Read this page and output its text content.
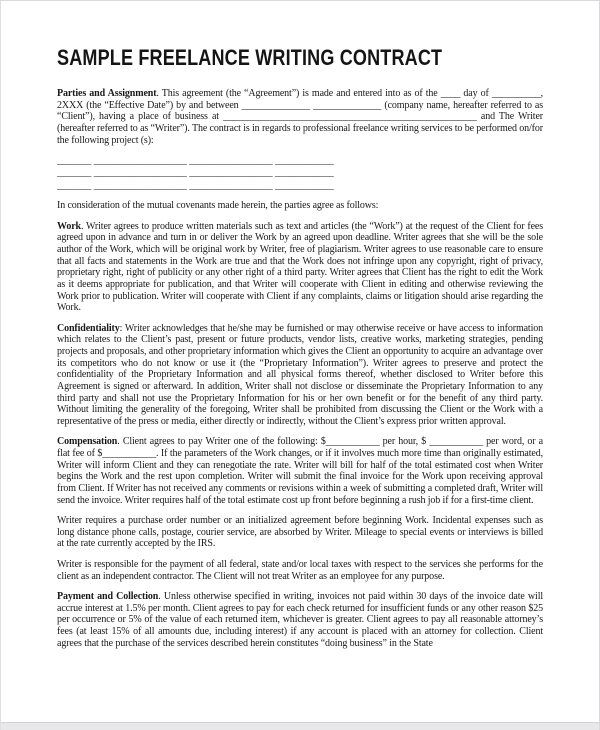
SAMPLE FREELANCE WRITING CONTRACT

Parties and Assignment. This agreement (the “Agreement”) is made and entered into as of the ____ day of __________, 2XXX (the “Effective Date”) by and between ______________ ______________ (company name, hereafter referred to as “Client”), having a place of business at ____________________________________________________ and The Writer (hereafter referred to as “Writer”). The contract is in regards to professional freelance writing services to be performed on/for the following project (s):

_______ ___________________ _________________ ____________
_______ ___________________ _________________ ____________
_______ ___________________ _________________ ____________

In consideration of the mutual covenants made herein, the parties agree as follows:

Work. Writer agrees to produce written materials such as text and articles (the “Work”) at the request of the Client for fees agreed upon in advance and turn in or deliver the Work by an agreed upon deadline. Writer agrees that she will be the sole author of the Work, which will be original work by Writer, free of plagiarism. Writer agrees to use reasonable care to ensure that all facts and statements in the Work are true and that the Work does not infringe upon any copyright, right of privacy, proprietary right, right of publicity or any other right of a third party. Writer agrees that Client has the right to edit the Work as it deems appropriate for publication, and that Writer will cooperate with Client in editing and otherwise reviewing the Work prior to publication. Writer will cooperate with Client if any complaints, claims or litigation should arise regarding the Work.

Confidentiality: Writer acknowledges that he/she may be furnished or may otherwise receive or have access to information which relates to the Client’s past, present or future products, vendor lists, creative works, marketing strategies, pending projects and proposals, and other proprietary information which gives the Client an opportunity to acquire an advantage over its competitors who do not know or use it (the “Proprietary Information”). Writer agrees to preserve and protect the confidentiality of the Proprietary Information and all physical forms thereof, whether disclosed to Writer before this Agreement is signed or afterward. In addition, Writer shall not disclose or disseminate the Proprietary Information to any third party and shall not use the Proprietary Information for his or her own benefit or for the benefit of any third party. Without limiting the generality of the foregoing, Writer shall be prohibited from discussing the Client or the Work with a representative of the press or media, either directly or indirectly, without the Client’s express prior written approval.

Compensation. Client agrees to pay Writer one of the following: $___________ per hour, $ ___________ per word, or a flat fee of $___________. If the parameters of the Work changes, or if it involves much more time than originally estimated, Writer will inform Client and they can renegotiate the rate. Writer will bill for half of the total estimated cost when Writer begins the Work and the rest upon completion. Writer will submit the final invoice for the Work upon receiving approval from Client. If Writer has not received any comments or revisions within a week of submitting a completed draft, Writer will send the invoice. Writer requires half of the total estimate cost up front before beginning a rush job if for a first-time client.

Writer requires a purchase order number or an initialized agreement before beginning Work. Incidental expenses such as long distance phone calls, postage, courier service, are absorbed by Writer. Mileage to special events or interviews is billed at the rate currently accepted by the IRS.

Writer is responsible for the payment of all federal, state and/or local taxes with respect to the services she performs for the client as an independent contractor. The Client will not treat Writer as an employee for any purpose.

Payment and Collection. Unless otherwise specified in writing, invoices not paid within 30 days of the invoice date will accrue interest at 1.5% per month. Client agrees to pay for each check returned for insufficient funds or any other reason $25 per occurrence or 5% of the value of each returned item, whichever is greater. Client agrees to pay all reasonable attorney’s fees (at least 15% of all amounts due, including interest) if any account is placed with an attorney for collection. Client agrees that the purchase of the services described herein constitutes “doing business” in the State
